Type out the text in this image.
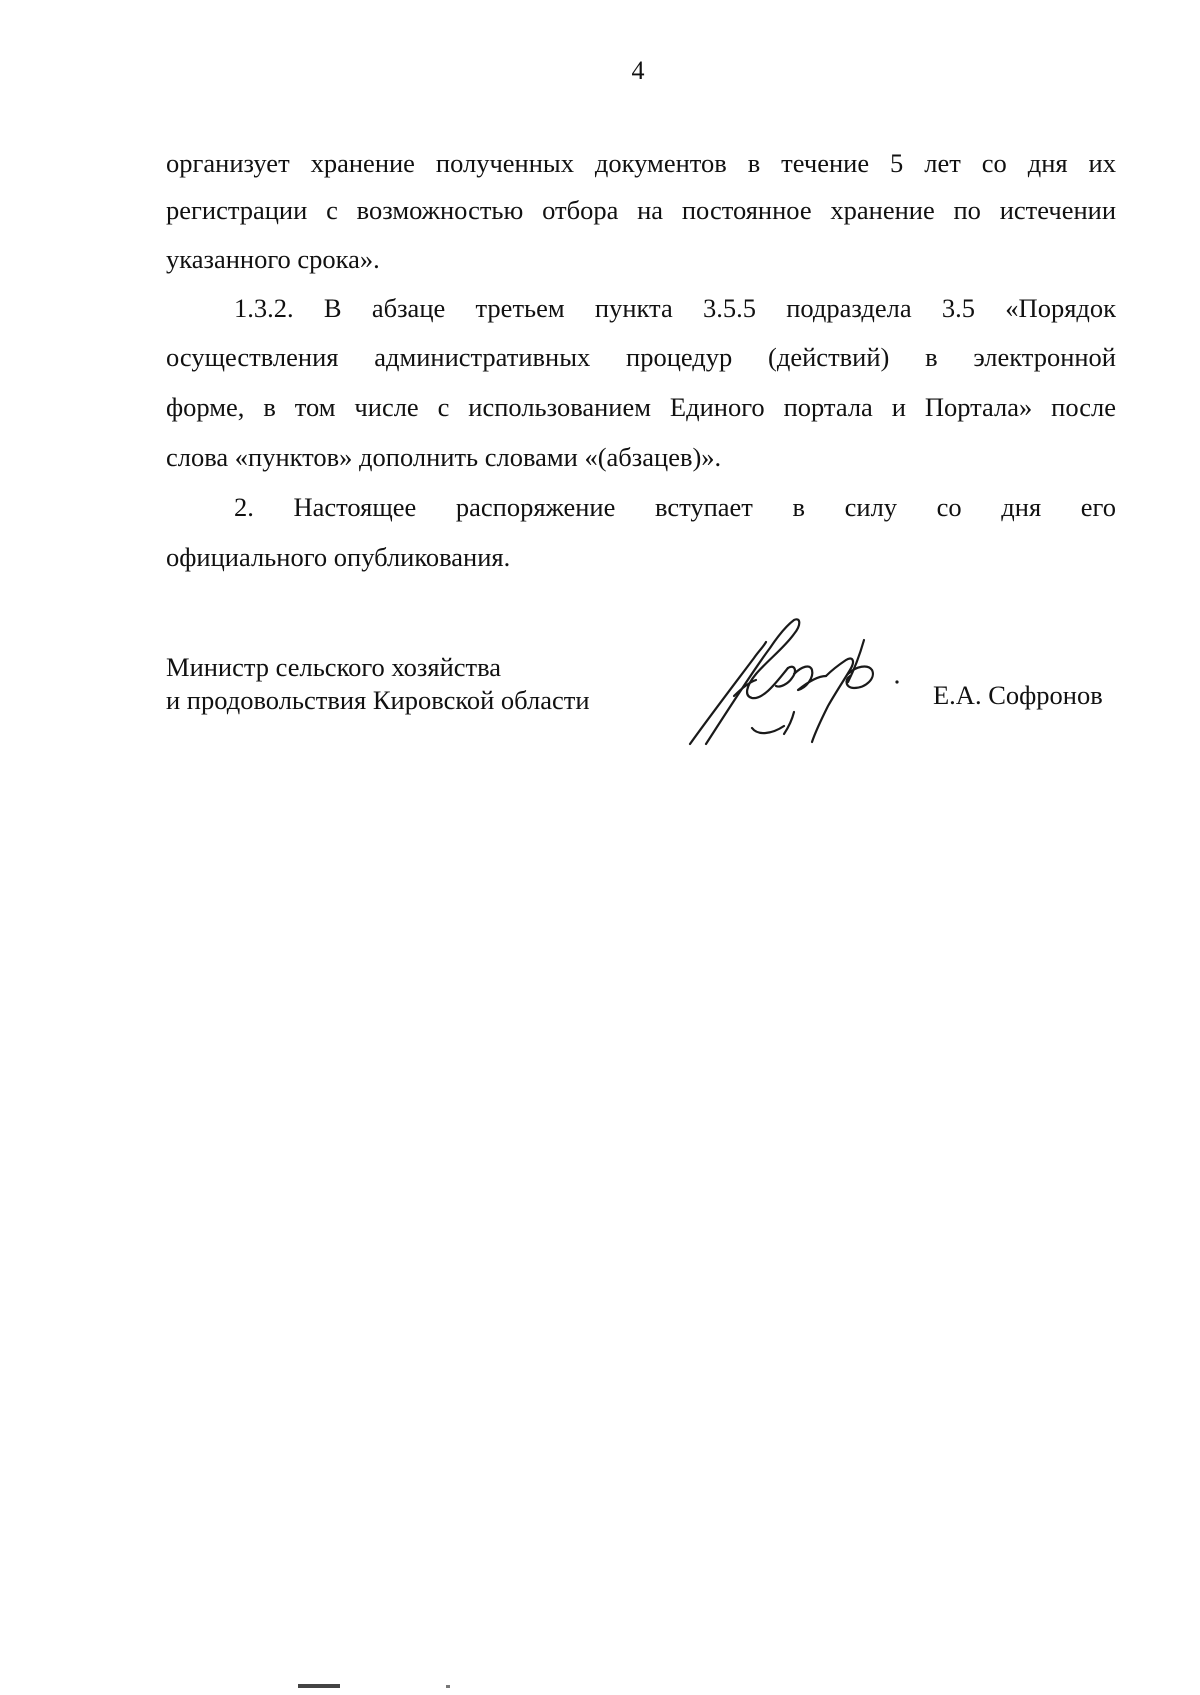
4
организует хранение полученных документов в течение 5 лет со дня их
регистрации с возможностью отбора на постоянное хранение по истечении
указанного срока».
1.3.2. В абзаце третьем пункта 3.5.5 подраздела 3.5 «Порядок
осуществления административных процедур (действий) в электронной
форме, в том числе с использованием Единого портала и Портала» после
слова «пунктов» дополнить словами «(абзацев)».
2. Настоящее распоряжение вступает в силу со дня его
официального опубликования.
Министр сельского хозяйства
и продовольствия Кировской области	Е.А. Софронов
